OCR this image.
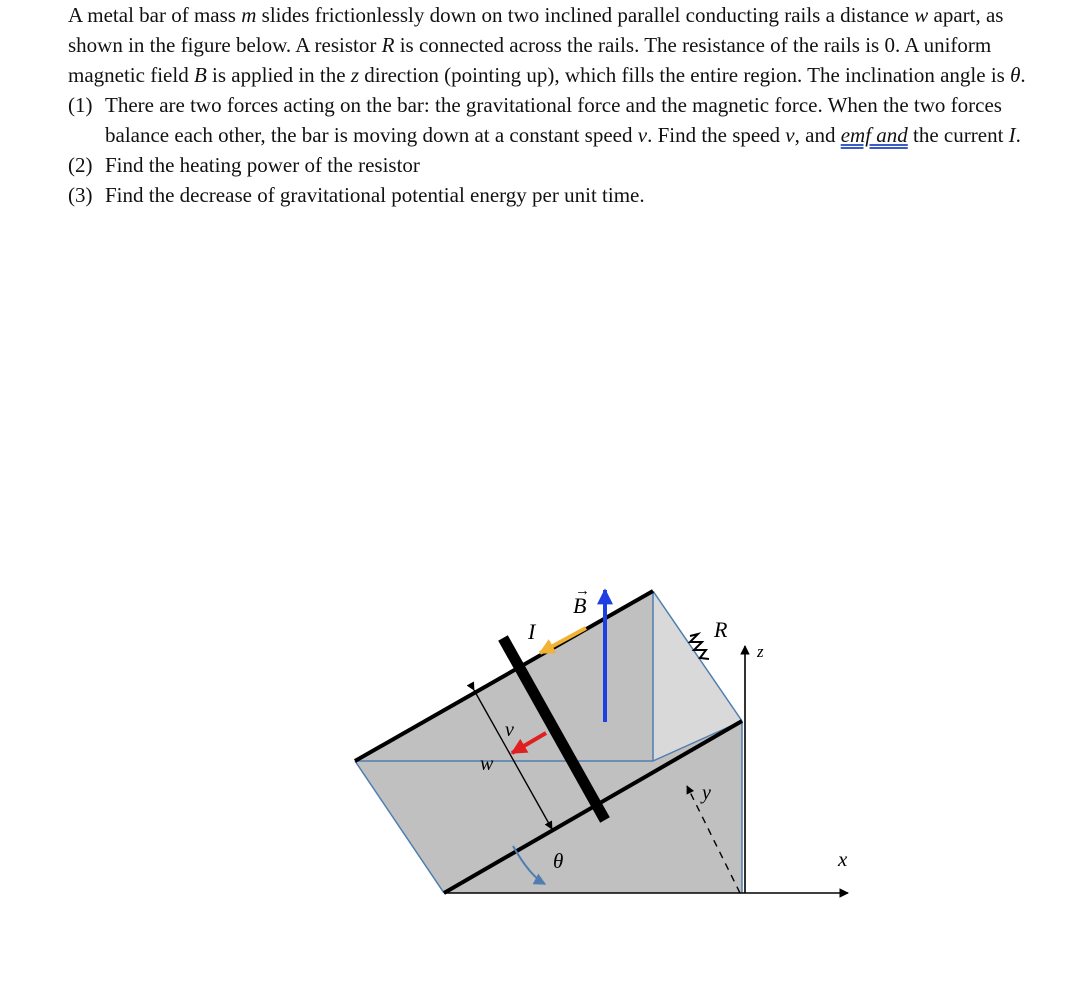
A metal bar of mass m slides frictionlessly down on two inclined parallel conducting rails a distance w apart, as shown in the figure below. A resistor R is connected across the rails. The resistance of the rails is 0. A uniform magnetic field B is applied in the z direction (pointing up), which fills the entire region. The inclination angle is θ.

(1) There are two forces acting on the bar: the gravitational force and the magnetic force. When the two forces balance each other, the bar is moving down at a constant speed v. Find the speed v, and emf and the current I.
(2) Find the heating power of the resistor
(3) Find the decrease of gravitational potential energy per unit time.
B
→
I	R
z
v
w
y
θ	x
